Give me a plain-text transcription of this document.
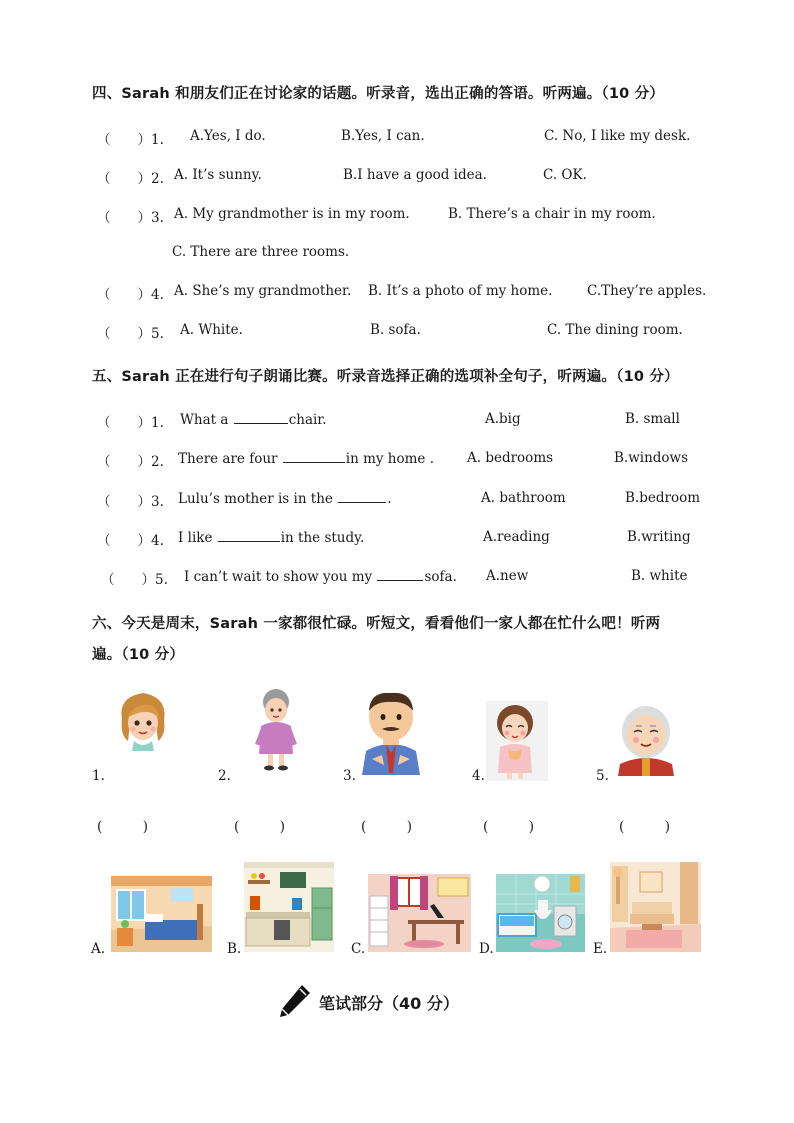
四、Sarah 和朋友们正在讨论家的话题。听录音，选出正确的答语。听两遍。（10 分）
（　　）1. A.Yes, I do.	B.Yes, I can.	C. No, I like my desk.
（　　）2. A. It’s sunny.	B.I have a good idea.	C. OK.
（　　）3. A. My grandmother is in my room.	B. There’s a chair in my room.
C. There are three rooms.
（　　）4. A. She’s my grandmother. B. It’s a photo of my home.	C.They’re apples.
（　　）5. A. White.	B. sofa.	C. The dining room.
五、Sarah 正在进行句子朗诵比赛。听录音选择正确的选项补全句子，听两遍。（10 分）
（　　）1. What a	chair.	A.big	B. small
（　　）2. There are four	in my home . A. bedrooms	B.windows
（　　）3. Lulu’s mother is in the	.	A. bathroom	B.bedroom
（　　）4. I like	in the study.	A.reading	B.writing
（　　）5. I can’t wait to show you my	sofa. A.new	B. white
六、今天是周末，Sarah 一家都很忙碌。听短文，看看他们一家人都在忙什么吧！听两
遍。（10 分）
1.	2.	3.	4.	5.
(　　　)	(　　　)	(　　　)	(　　　)	(　　　)
A.	B.	C.	D.	E.
笔试部分（40 分）
